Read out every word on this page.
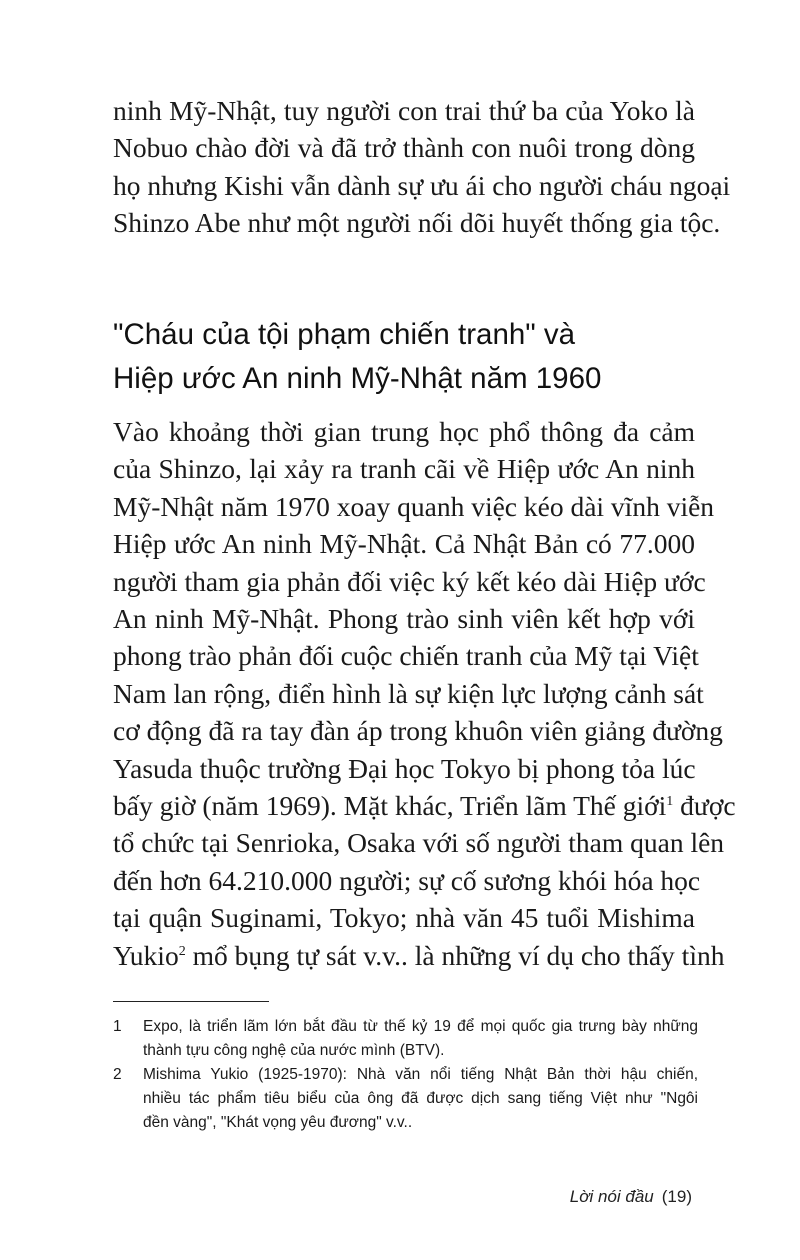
ninh Mỹ-Nhật, tuy người con trai thứ ba của Yoko là
Nobuo chào đời và đã trở thành con nuôi trong dòng
họ nhưng Kishi vẫn dành sự ưu ái cho người cháu ngoại
Shinzo Abe như một người nối dõi huyết thống gia tộc.
"Cháu của tội phạm chiến tranh" và
Hiệp ước An ninh Mỹ-Nhật năm 1960
Vào khoảng thời gian trung học phổ thông đa cảm
của Shinzo, lại xảy ra tranh cãi về Hiệp ước An ninh
Mỹ-Nhật năm 1970 xoay quanh việc kéo dài vĩnh viễn
Hiệp ước An ninh Mỹ-Nhật. Cả Nhật Bản có 77.000
người tham gia phản đối việc ký kết kéo dài Hiệp ước
An ninh Mỹ-Nhật. Phong trào sinh viên kết hợp với
phong trào phản đối cuộc chiến tranh của Mỹ tại Việt
Nam lan rộng, điển hình là sự kiện lực lượng cảnh sát
cơ động đã ra tay đàn áp trong khuôn viên giảng đường
Yasuda thuộc trường Đại học Tokyo bị phong tỏa lúc
bấy giờ (năm 1969). Mặt khác, Triển lãm Thế giới$^1$ được
tổ chức tại Senrioka, Osaka với số người tham quan lên
đến hơn 64.210.000 người; sự cố sương khói hóa học
tại quận Suginami, Tokyo; nhà văn 45 tuổi Mishima
Yukio$^2$ mổ bụng tự sát v.v.. là những ví dụ cho thấy tình
1 Expo, là triển lãm lớn bắt đầu từ thế kỷ 19 để mọi quốc gia trưng bày những
thành tựu công nghệ của nước mình (BTV).
2 Mishima Yukio (1925-1970): Nhà văn nổi tiếng Nhật Bản thời hậu chiến,
nhiều tác phẩm tiêu biểu của ông đã được dịch sang tiếng Việt như "Ngôi
đền vàng", "Khát vọng yêu đương" v.v..
Lời nói đầu (19)
